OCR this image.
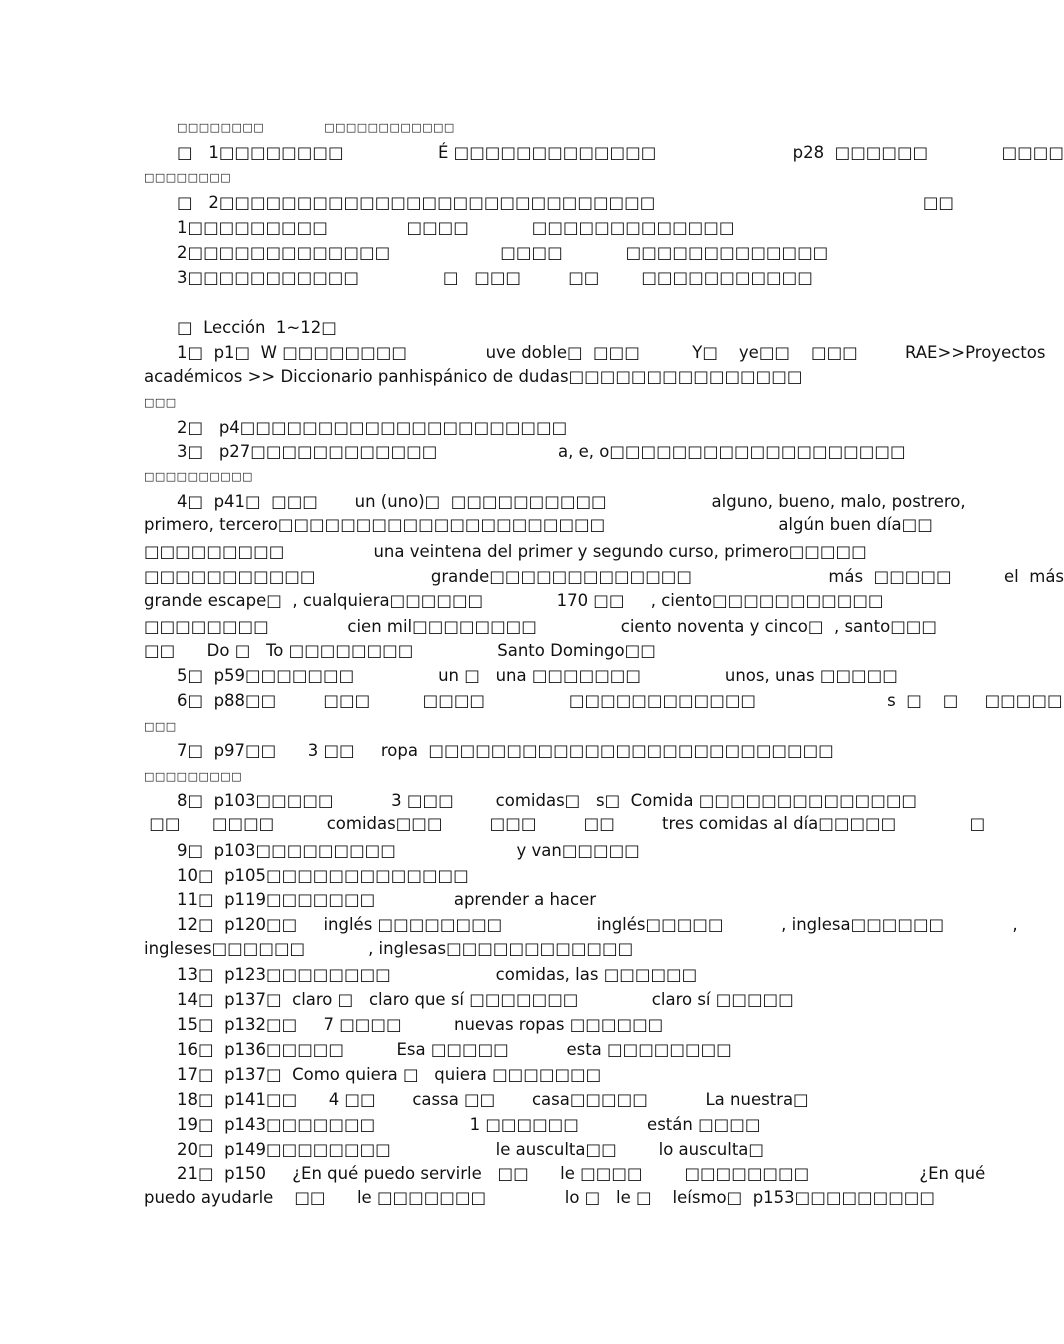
□□□□□□□□               □□□□□□□□□□□□
□   1□□□□□□□□                  É □□□□□□□□□□□□□                          p28  □□□□□□              □□□□
□□□□□□□□
□   2□□□□□□□□□□□□□□□□□□□□□□□□□□□□                                                   □□
1□□□□□□□□□               □□□□            □□□□□□□□□□□□□
2□□□□□□□□□□□□□                     □□□□            □□□□□□□□□□□□□
3□□□□□□□□□□□                □   □□□         □□        □□□□□□□□□□□
□  Lección  1~12□
1□  p1□  W □□□□□□□□               uve doble□  □□□          Y□    ye□□    □□□         RAE>>Proyectos
académicos >> Diccionario panhispánico de dudas□□□□□□□□□□□□□□□
□□□
2□   p4□□□□□□□□□□□□□□□□□□□□□
3□   p27□□□□□□□□□□□□                       a, e, o□□□□□□□□□□□□□□□□□□□
□□□□□□□□□□
4□  p41□  □□□       un (uno)□  □□□□□□□□□□                    alguno, bueno, malo, postrero,
primero, tercero□□□□□□□□□□□□□□□□□□□□□                                 algún buen día□□
□□□□□□□□□                 una veintena del primer y segundo curso, primero□□□□□
□□□□□□□□□□□                      grande□□□□□□□□□□□□□                          más  □□□□□          el  más
grande escape□  , cualquiera□□□□□□              170 □□     , ciento□□□□□□□□□□□
□□□□□□□□               cien mil□□□□□□□□                ciento noventa y cinco□  , santo□□□
□□      Do □   To □□□□□□□□                Santo Domingo□□
5□  p59□□□□□□□                un □   una □□□□□□□                unos, unas □□□□□
6□  p88□□         □□□          □□□□                □□□□□□□□□□□□                         s  □    □     □□□□□
□□□
7□  p97□□      3 □□     ropa  □□□□□□□□□□□□□□□□□□□□□□□□□□
□□□□□□□□□
8□  p103□□□□□           3 □□□        comidas□   s□  Comida □□□□□□□□□□□□□□
□□      □□□□          comidas□□□         □□□         □□         tres comidas al día□□□□□              □
9□  p103□□□□□□□□□                       y van□□□□□
10□  p105□□□□□□□□□□□□□
11□  p119□□□□□□□               aprender a hacer
12□  p120□□     inglés □□□□□□□□                  inglés□□□□□           , inglesa□□□□□□             ,
ingleses□□□□□□            , inglesas□□□□□□□□□□□□
13□  p123□□□□□□□□                    comidas, las □□□□□□
14□  p137□  claro □   claro que sí □□□□□□□              claro sí □□□□□
15□  p132□□     7 □□□□          nuevas ropas □□□□□□
16□  p136□□□□□          Esa □□□□□           esta □□□□□□□□
17□  p137□  Como quiera □   quiera □□□□□□□
18□  p141□□      4 □□       cassa □□       casa□□□□□           La nuestra□
19□  p143□□□□□□□                  1 □□□□□□             están □□□□
20□  p149□□□□□□□□                    le ausculta□□        lo ausculta□
21□  p150     ¿En qué puedo servirle   □□      le □□□□        □□□□□□□□                     ¿En qué
puedo ayudarle    □□      le □□□□□□□               lo □   le □    leísmo□  p153□□□□□□□□□
